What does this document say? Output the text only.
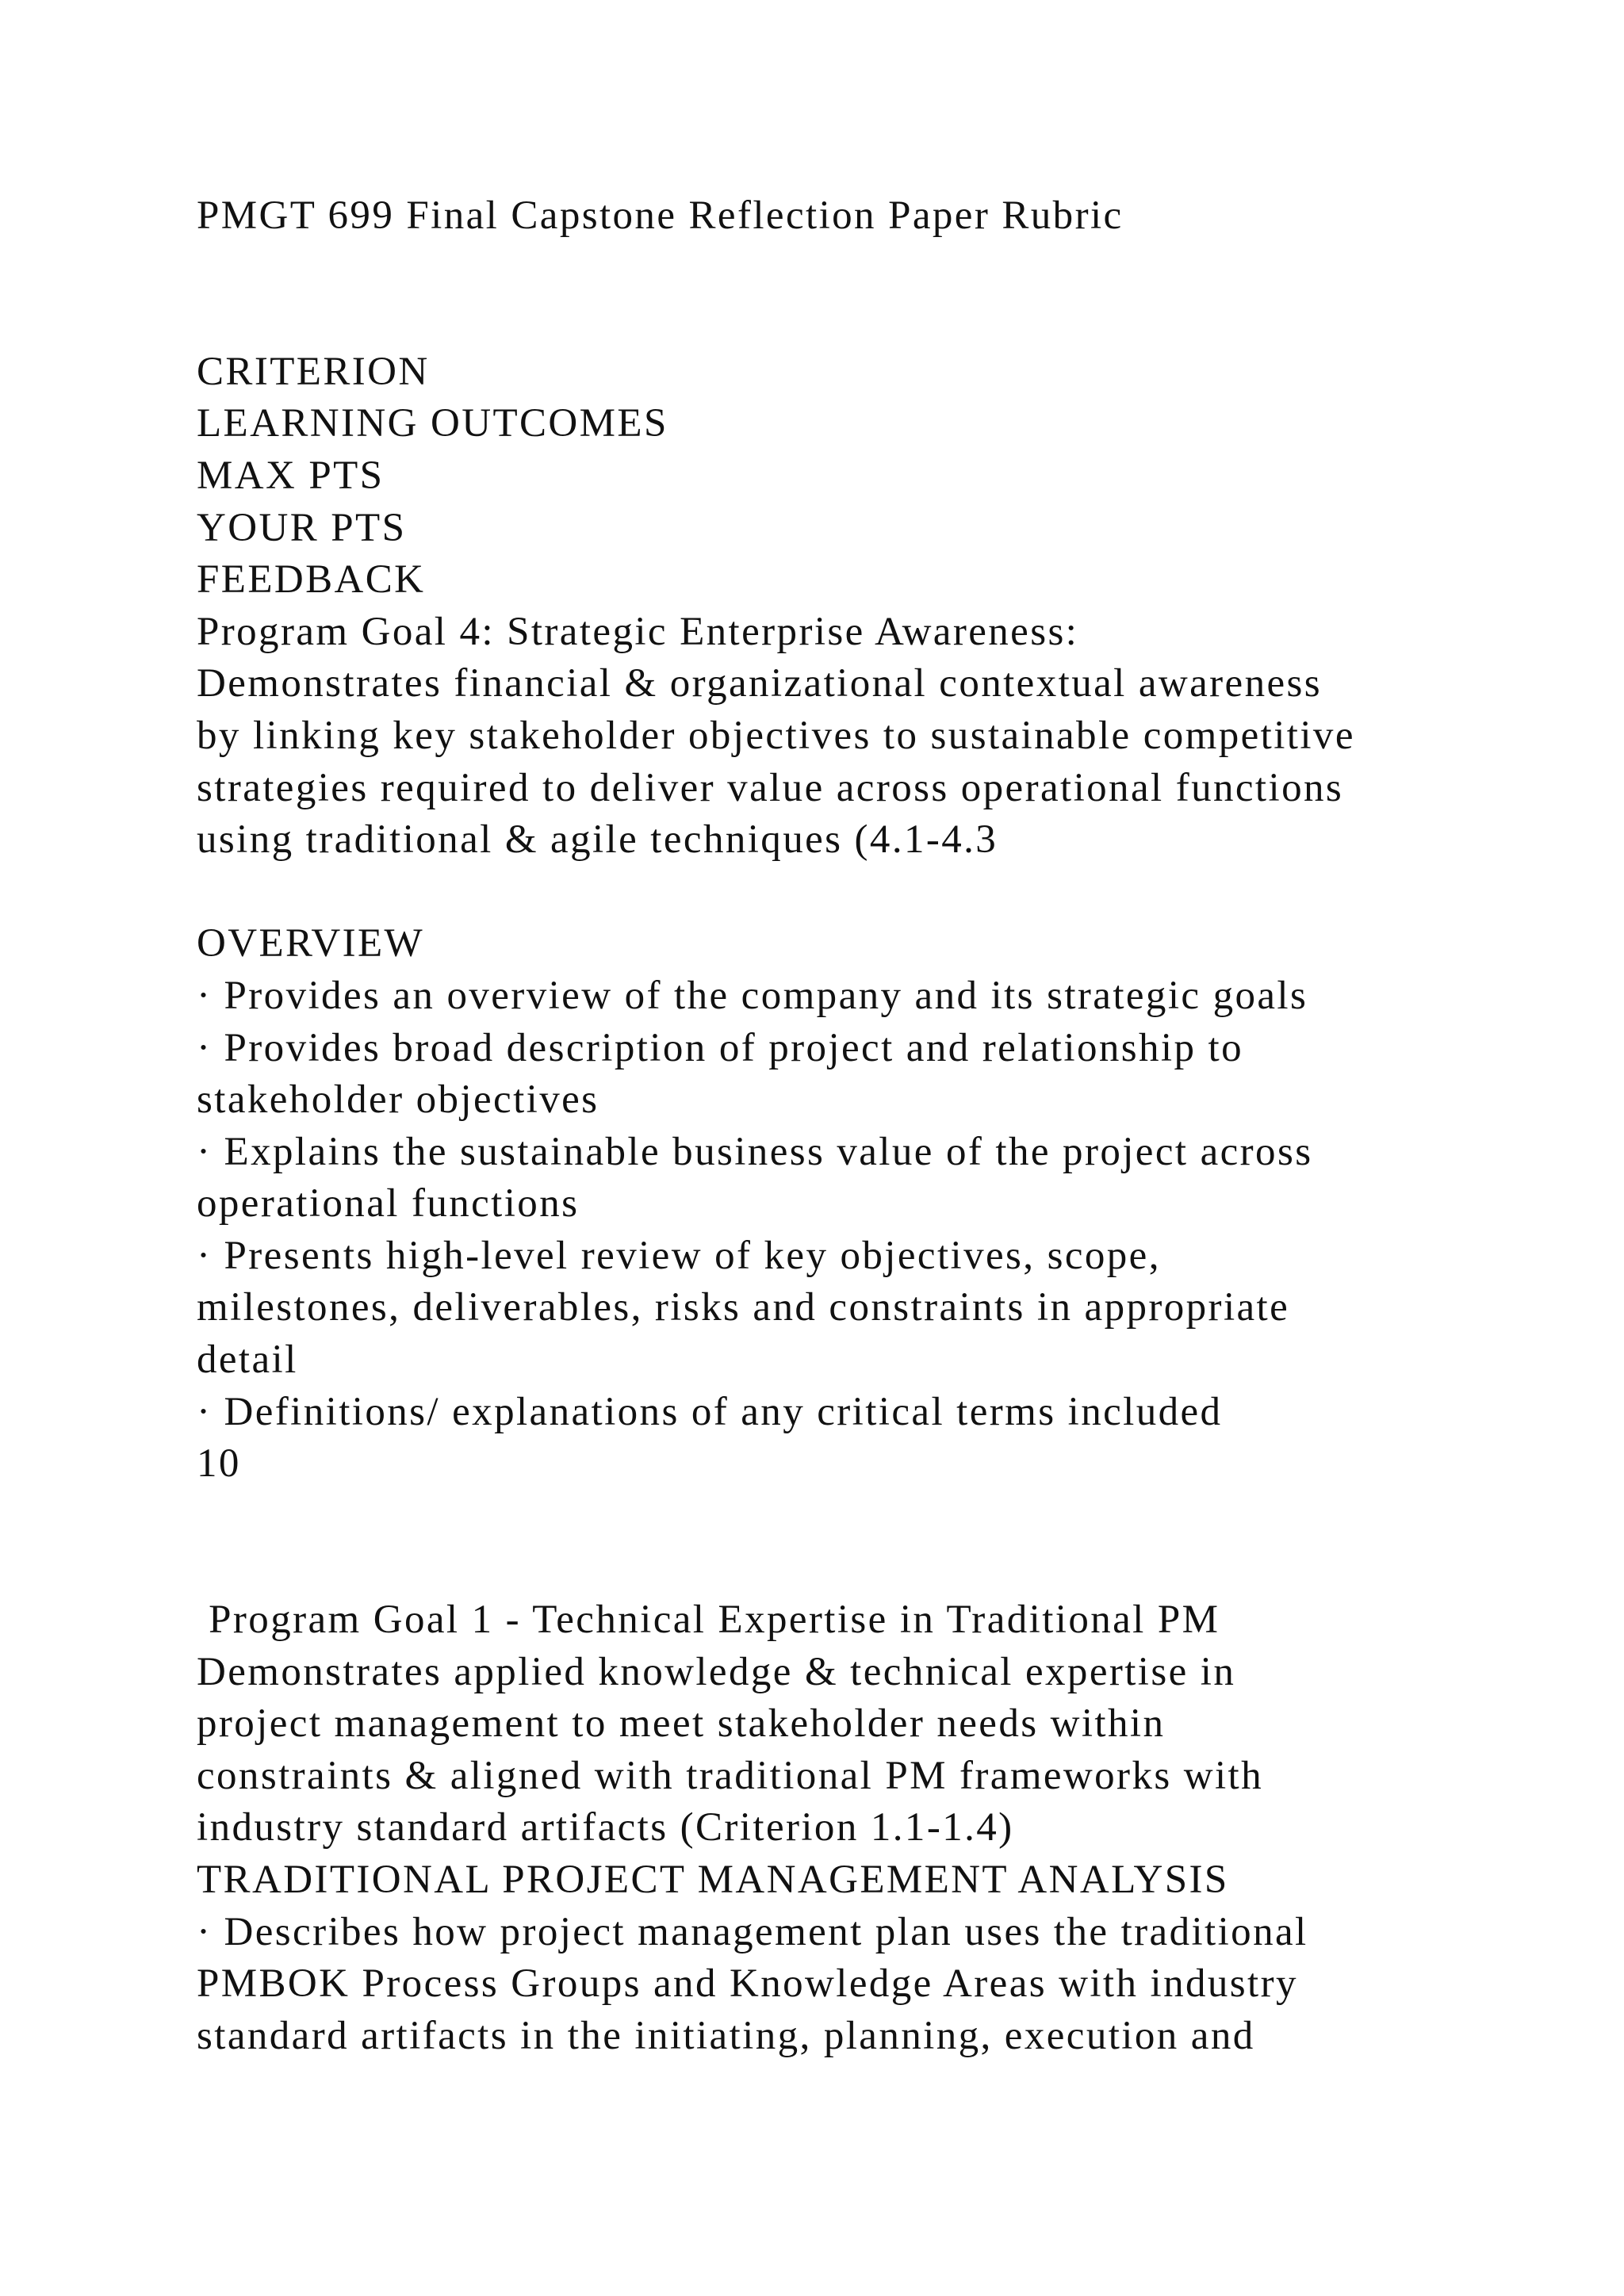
PMGT 699 Final Capstone Reflection Paper Rubric
CRITERION
LEARNING OUTCOMES
MAX PTS
YOUR PTS
FEEDBACK
Program Goal 4: Strategic Enterprise Awareness:
Demonstrates financial & organizational contextual awareness
by linking key stakeholder objectives to sustainable competitive
strategies required to deliver value across operational functions
using traditional & agile techniques (4.1-4.3
OVERVIEW
· Provides an overview of the company and its strategic goals
· Provides broad description of project and relationship to
stakeholder objectives
· Explains the sustainable business value of the project across
operational functions
· Presents high-level review of key objectives, scope,
milestones, deliverables, risks and constraints in appropriate
detail
· Definitions/ explanations of any critical terms included
10
Program Goal 1 - Technical Expertise in Traditional PM
Demonstrates applied knowledge & technical expertise in
project management to meet stakeholder needs within
constraints & aligned with traditional PM frameworks with
industry standard artifacts (Criterion 1.1-1.4)
TRADITIONAL PROJECT MANAGEMENT ANALYSIS
· Describes how project management plan uses the traditional
PMBOK Process Groups and Knowledge Areas with industry
standard artifacts in the initiating, planning, execution and
